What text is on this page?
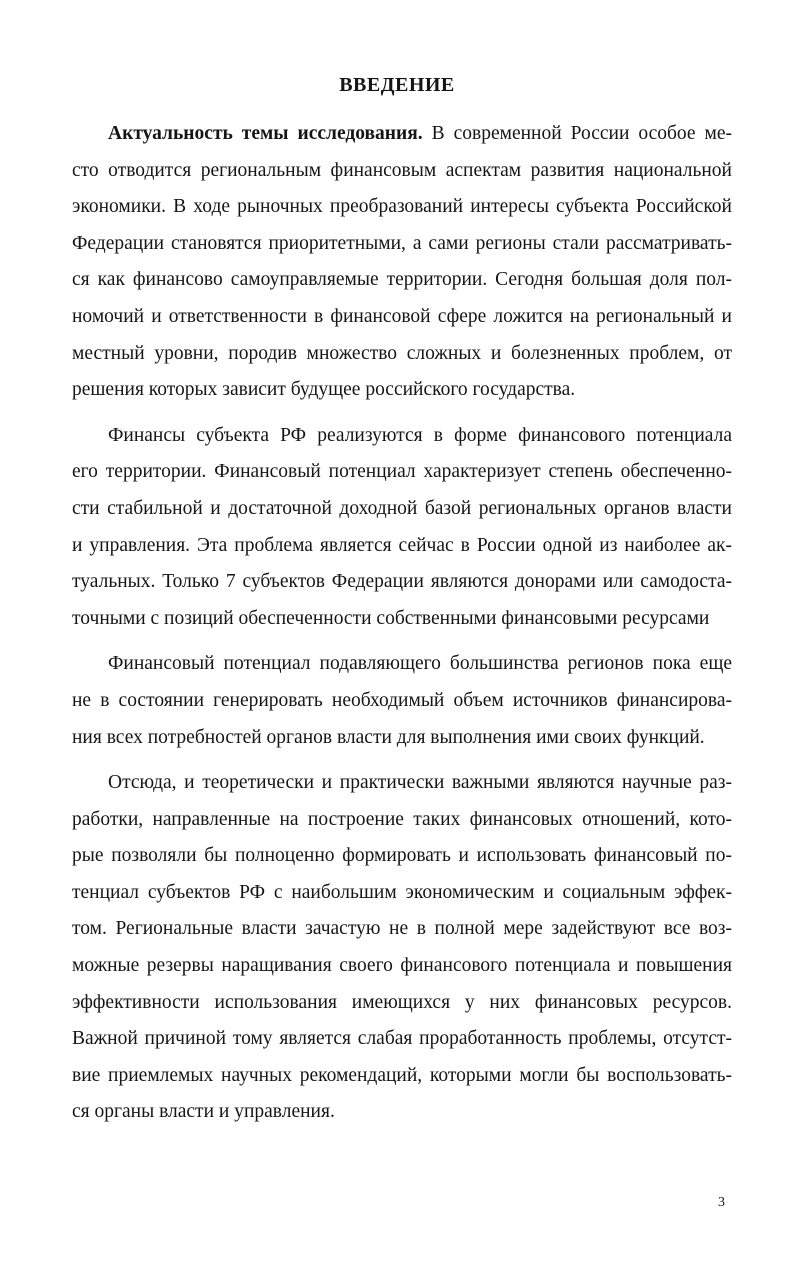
ВВЕДЕНИЕ
Актуальность темы исследования. В современной России особое ме-
сто отводится региональным финансовым аспектам развития национальной
экономики. В ходе рыночных преобразований интересы субъекта Российской
Федерации становятся приоритетными, а сами регионы стали рассматривать-
ся как финансово самоуправляемые территории. Сегодня большая доля пол-
номочий и ответственности в финансовой сфере ложится на региональный и
местный уровни, породив множество сложных и болезненных проблем, от
решения которых зависит будущее российского государства.
Финансы субъекта РФ реализуются в форме финансового потенциала
его территории. Финансовый потенциал характеризует степень обеспеченно-
сти стабильной и достаточной доходной базой региональных органов власти
и управления. Эта проблема является сейчас в России одной из наиболее ак-
туальных. Только 7 субъектов Федерации являются донорами или самодоста-
точными с позиций обеспеченности собственными финансовыми ресурсами
Финансовый потенциал подавляющего большинства регионов пока еще
не в состоянии генерировать необходимый объем источников финансирова-
ния всех потребностей органов власти для выполнения ими своих функций.
Отсюда, и теоретически и практически важными являются научные раз-
работки, направленные на построение таких финансовых отношений, кото-
рые позволяли бы полноценно формировать и использовать финансовый по-
тенциал субъектов РФ с наибольшим экономическим и социальным эффек-
том. Региональные власти зачастую не в полной мере задействуют все воз-
можные резервы наращивания своего финансового потенциала и повышения
эффективности использования имеющихся у них финансовых ресурсов.
Важной причиной тому является слабая проработанность проблемы, отсутст-
вие приемлемых научных рекомендаций, которыми могли бы воспользовать-
ся органы власти и управления.
3
